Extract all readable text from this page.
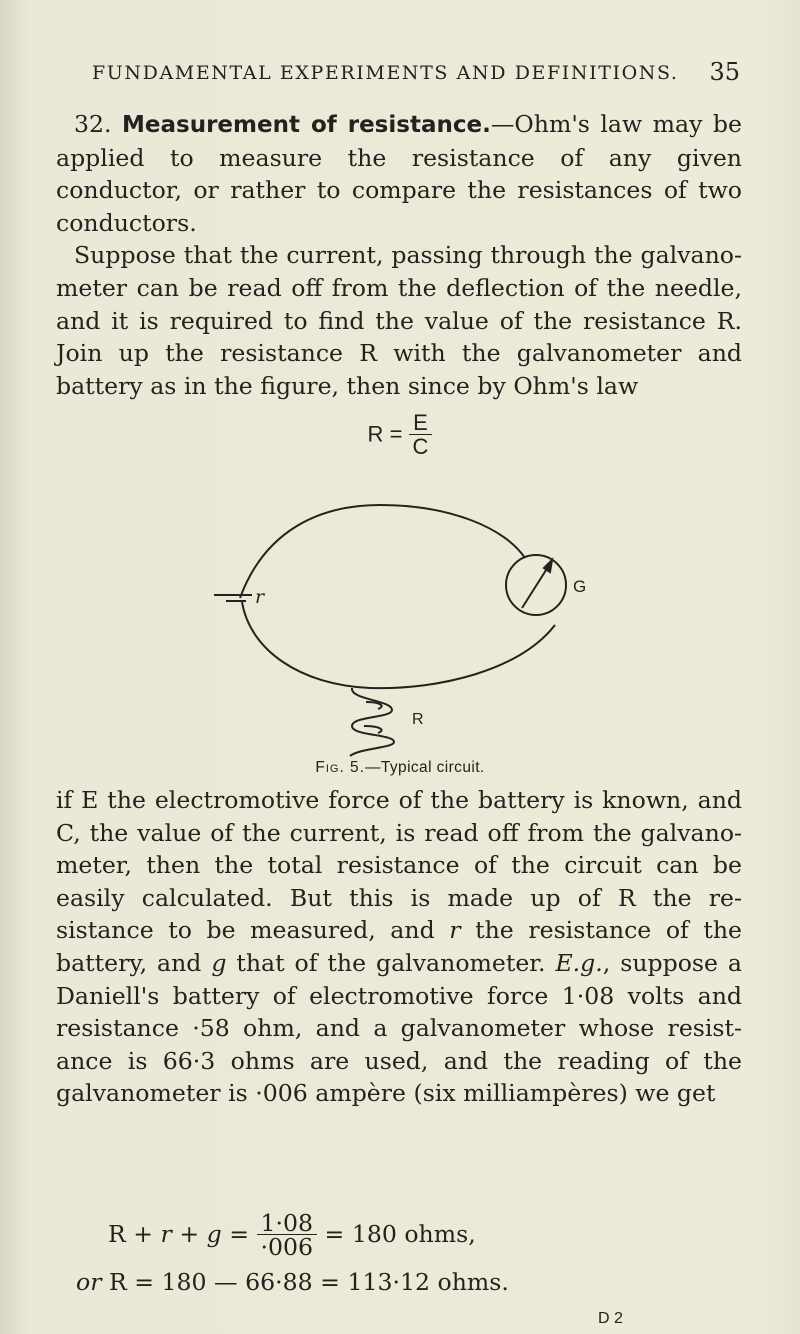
FUNDAMENTAL EXPERIMENTS AND DEFINITIONS. 35

32. Measurement of resistance.—Ohm's law may be applied to measure the resistance of any given conductor, or rather to compare the resistances of two conductors.

Suppose that the current, passing through the galvano-meter can be read off from the deflection of the needle, and it is required to find the value of the resistance R. Join up the resistance R with the galvanometer and battery as in the figure, then since by Ohm's law

$R = \frac{E}{C}$
r	G
R
Fig. 5.—Typical circuit.

if E the electromotive force of the battery is known, and C, the value of the current, is read off from the galvano-meter, then the total resistance of the circuit can be easily calculated. But this is made up of R the re-sistance to be measured, and r the resistance of the battery, and g that of the galvanometer. E.g., suppose a Daniell's battery of electromotive force 1·08 volts and resistance ·58 ohm, and a galvanometer whose resist-ance is 66·3 ohms are used, and the reading of the galvanometer is ·006 ampère (six milliampères) we get

$R + r + g = \frac{1\cdot 08}{\cdot 006} = 180$ ohms,
or R = 180 — 66·88 = 113·12 ohms.
D 2
